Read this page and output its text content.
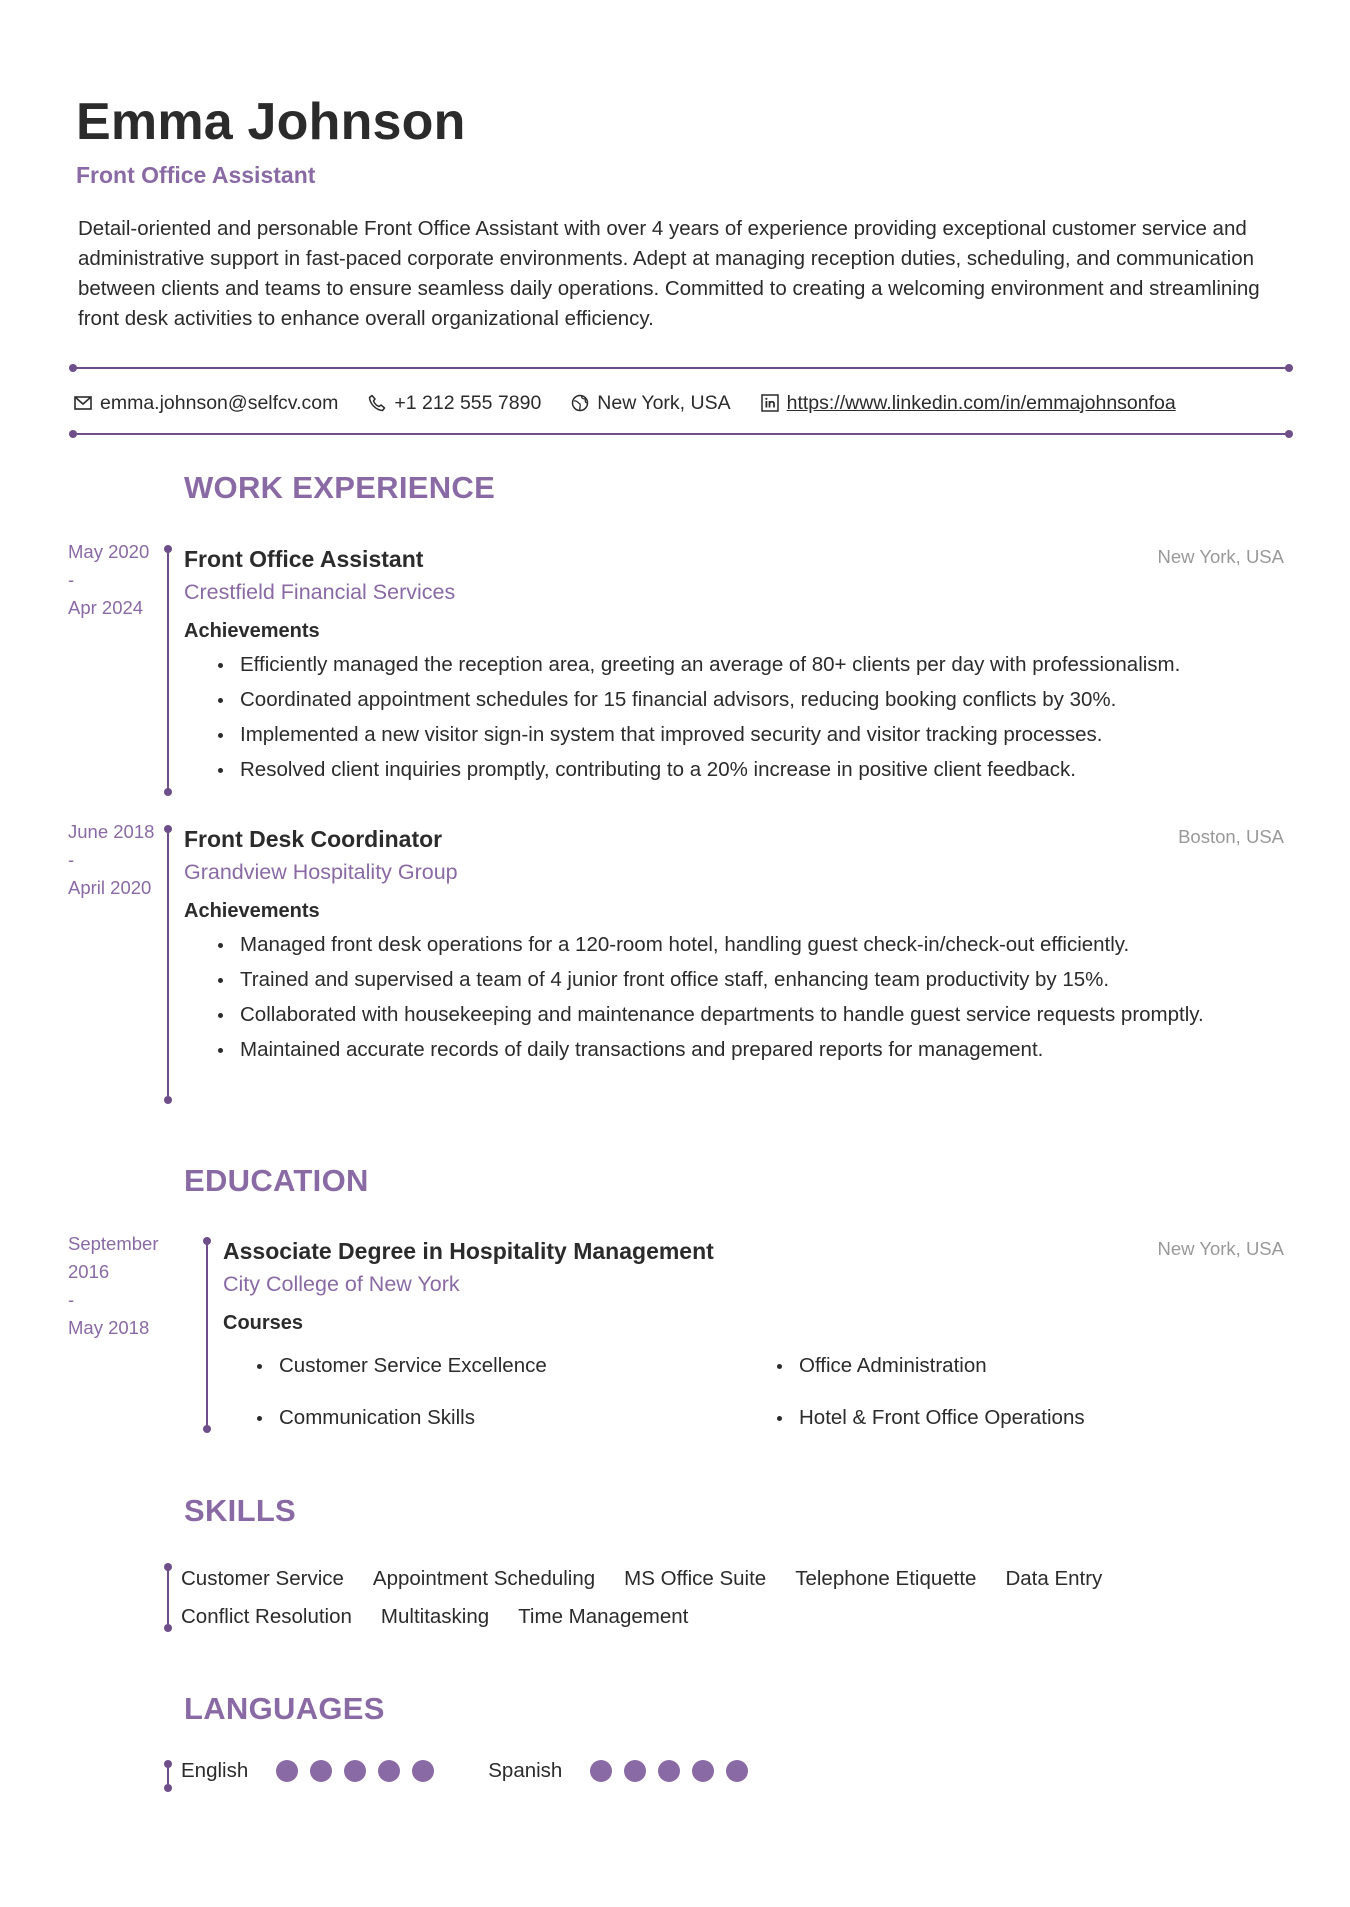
Emma Johnson
Front Office Assistant

Detail-oriented and personable Front Office Assistant with over 4 years of experience providing exceptional customer service and administrative support in fast-paced corporate environments. Adept at managing reception duties, scheduling, and communication between clients and teams to ensure seamless daily operations. Committed to creating a welcoming environment and streamlining front desk activities to enhance overall organizational efficiency.

emma.johnson@selfcv.com	+1 212 555 7890	New York, USA	https://www.linkedin.com/in/emmajohnsonfoa
WORK EXPERIENCE
May 2020
-
Apr 2024

Front Office Assistant

Crestfield Financial Services

New York, USA

Achievements

Efficiently managed the reception area, greeting an average of 80+ clients per day with professionalism.
Coordinated appointment schedules for 15 financial advisors, reducing booking conflicts by 30%.
Implemented a new visitor sign-in system that improved security and visitor tracking processes.
Resolved client inquiries promptly, contributing to a 20% increase in positive client feedback.
June 2018
-
April 2020

Front Desk Coordinator

Grandview Hospitality Group

Boston, USA

Achievements

Managed front desk operations for a 120-room hotel, handling guest check-in/check-out efficiently.
Trained and supervised a team of 4 junior front office staff, enhancing team productivity by 15%.
Collaborated with housekeeping and maintenance departments to handle guest service requests promptly.
Maintained accurate records of daily transactions and prepared reports for management.
EDUCATION
September
2016
-
May 2018

Associate Degree in Hospitality Management

City College of New York

New York, USA

Courses

Customer Service Excellence	Office Administration
Communication Skills	Hotel & Front Office Operations
SKILLS
Customer Service Appointment Scheduling MS Office Suite Telephone Etiquette Data Entry
Conflict Resolution Multitasking Time Management
LANGUAGES
English	Spanish
